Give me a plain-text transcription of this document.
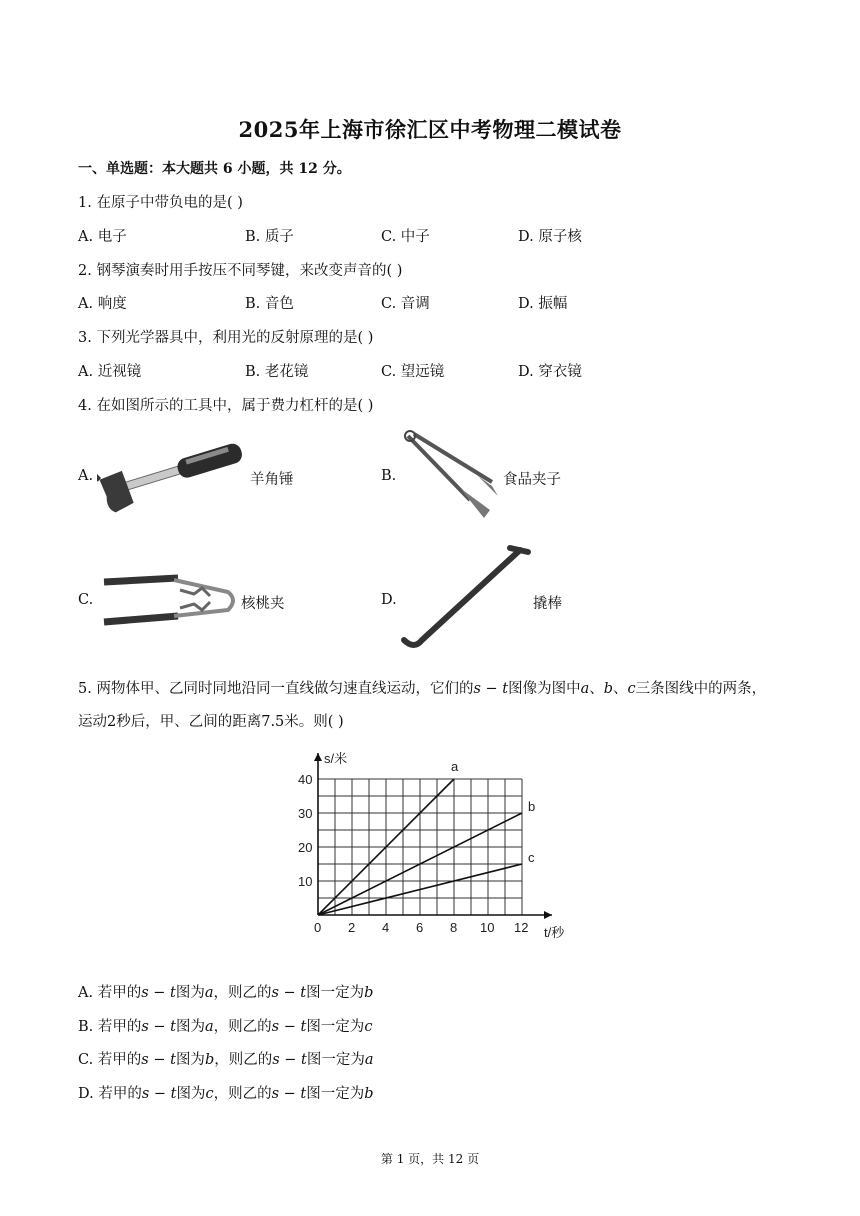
2025年上海市徐汇区中考物理二模试卷
一、单选题：本大题共 6 小题，共 12 分。
1. 在原子中带负电的是( )
A. 电子	B. 质子	C. 中子	D. 原子核
2. 钢琴演奏时用手按压不同琴键，来改变声音的( )
A. 响度	B. 音色	C. 音调	D. 振幅
3. 下列光学器具中，利用光的反射原理的是( )
A. 近视镜	B. 老花镜	C. 望远镜	D. 穿衣镜
4. 在如图所示的工具中，属于费力杠杆的是( )
A.	羊角锤	B.	食品夹子
C.	核桃夹	D.	撬棒
5. 两物体甲、乙同时同地沿同一直线做匀速直线运动，它们的s − t图像为图中a、b、c三条图线中的两条，
运动2秒后，甲、乙间的距离7.5米。则( )
a
b
c
0 2 4 6 8 10 12
10
20
30
40
s/米
t/秒
A. 若甲的s − t图为a，则乙的s − t图一定为b
B. 若甲的s − t图为a，则乙的s − t图一定为c
C. 若甲的s − t图为b，则乙的s − t图一定为a
D. 若甲的s − t图为c，则乙的s − t图一定为b
第 1 页，共 12 页
